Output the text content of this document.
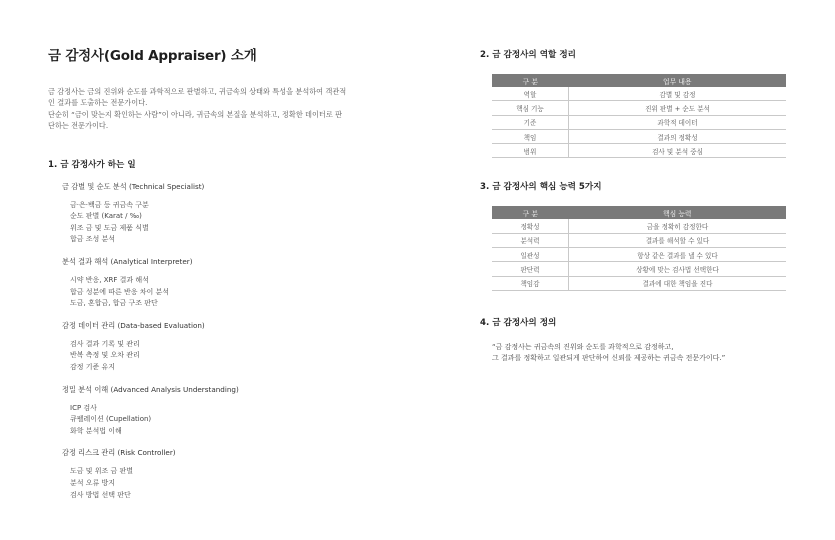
금 감정사(Gold Appraiser) 소개

금 감정사는 금의 진위와 순도를 과학적으로 판별하고, 귀금속의 상태와 특성을 분석하여 객관적

인 결과를 도출하는 전문가이다.

단순히 “금이 맞는지 확인하는 사람”이 아니라, 귀금속의 본질을 분석하고, 정확한 데이터로 판

단하는 전문가이다.

1. 금 감정사가 하는 일
금 감별 및 순도 분석 (Technical Specialist)
금·은·백금 등 귀금속 구분
순도 판별 (Karat / ‰)
위조 금 및 도금 제품 식별
합금 조성 분석
분석 결과 해석 (Analytical Interpreter)
시약 반응, XRF 결과 해석
합금 성분에 따른 반응 차이 분석
도금, 혼합금, 합금 구조 판단
감정 데이터 관리 (Data-based Evaluation)
검사 결과 기록 및 관리
반복 측정 및 오차 관리
감정 기준 유지
정밀 분석 이해 (Advanced Analysis Understanding)
ICP 검사
큐펠레이션 (Cupellation)
화학 분석법 이해
감정 리스크 관리 (Risk Controller)
도금 및 위조 금 판별
분석 오류 방지
검사 방법 선택 판단
2. 금 감정사의 역할 정리
구 분	업무 내용
역할	감별 및 감정
핵심 기능	진위 판별 + 순도 분석
기준	과학적 데이터
책임	결과의 정확성
범위	검사 및 분석 중심
3. 금 감정사의 핵심 능력 5가지
구 분	핵심 능력
정확성	금을 정확히 감정한다
분석력	결과를 해석할 수 있다
일관성	항상 같은 결과를 낼 수 있다
판단력	상황에 맞는 검사법 선택한다
책임감	결과에 대한 책임을 진다
4. 금 감정사의 정의
“금 감정사는 귀금속의 진위와 순도를 과학적으로 감정하고,
그 결과를 정확하고 일관되게 판단하여 신뢰를 제공하는 귀금속 전문가이다.”
